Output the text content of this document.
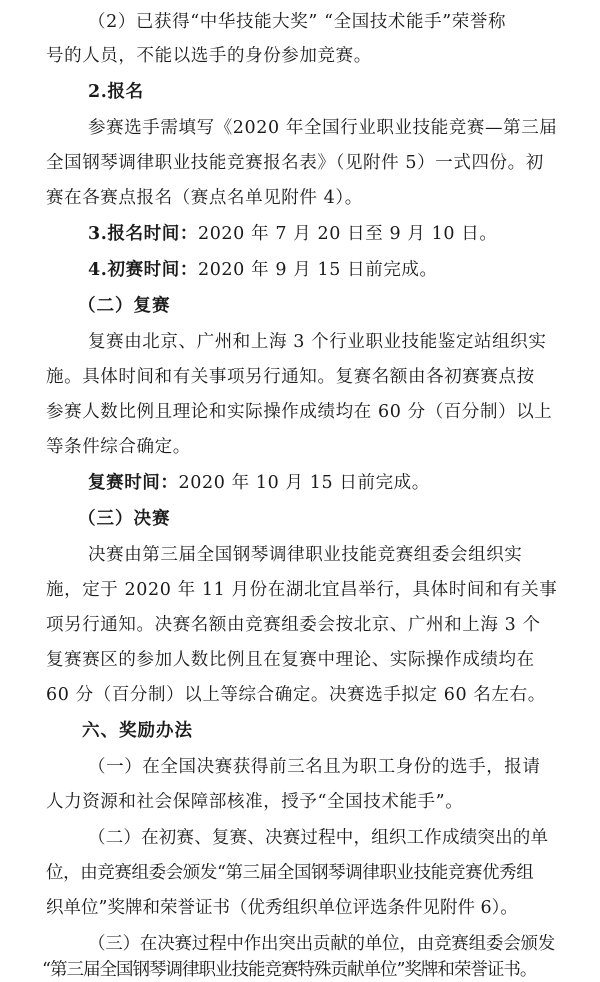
（2）已获得“中华技能大奖” “全国技术能手”荣誉称
号的人员，不能以选手的身份参加竞赛。
2.报名
参赛选手需填写《2020 年全国行业职业技能竞赛—第三届
全国钢琴调律职业技能竞赛报名表》（见附件 5）一式四份。初
赛在各赛点报名（赛点名单见附件 4）。
3.报名时间：2020 年 7 月 20 日至 9 月 10 日。
4.初赛时间：2020 年 9 月 15 日前完成。
（二）复赛
复赛由北京、广州和上海 3 个行业职业技能鉴定站组织实
施。具体时间和有关事项另行通知。复赛名额由各初赛赛点按
参赛人数比例且理论和实际操作成绩均在 60 分（百分制）以上
等条件综合确定。
复赛时间：2020 年 10 月 15 日前完成。
（三）决赛
决赛由第三届全国钢琴调律职业技能竞赛组委会组织实
施，定于 2020 年 11 月份在湖北宜昌举行，具体时间和有关事
项另行通知。决赛名额由竞赛组委会按北京、广州和上海 3 个
复赛赛区的参加人数比例且在复赛中理论、实际操作成绩均在
60 分（百分制）以上等综合确定。决赛选手拟定 60 名左右。
六、奖励办法
（一）在全国决赛获得前三名且为职工身份的选手，报请
人力资源和社会保障部核准，授予“全国技术能手”。
（二）在初赛、复赛、决赛过程中，组织工作成绩突出的单
位，由竞赛组委会颁发“第三届全国钢琴调律职业技能竞赛优秀组
织单位”奖牌和荣誉证书（优秀组织单位评选条件见附件 6）。
（三）在决赛过程中作出突出贡献的单位，由竞赛组委会颁发
“第三届全国钢琴调律职业技能竞赛特殊贡献单位”奖牌和荣誉证书。
